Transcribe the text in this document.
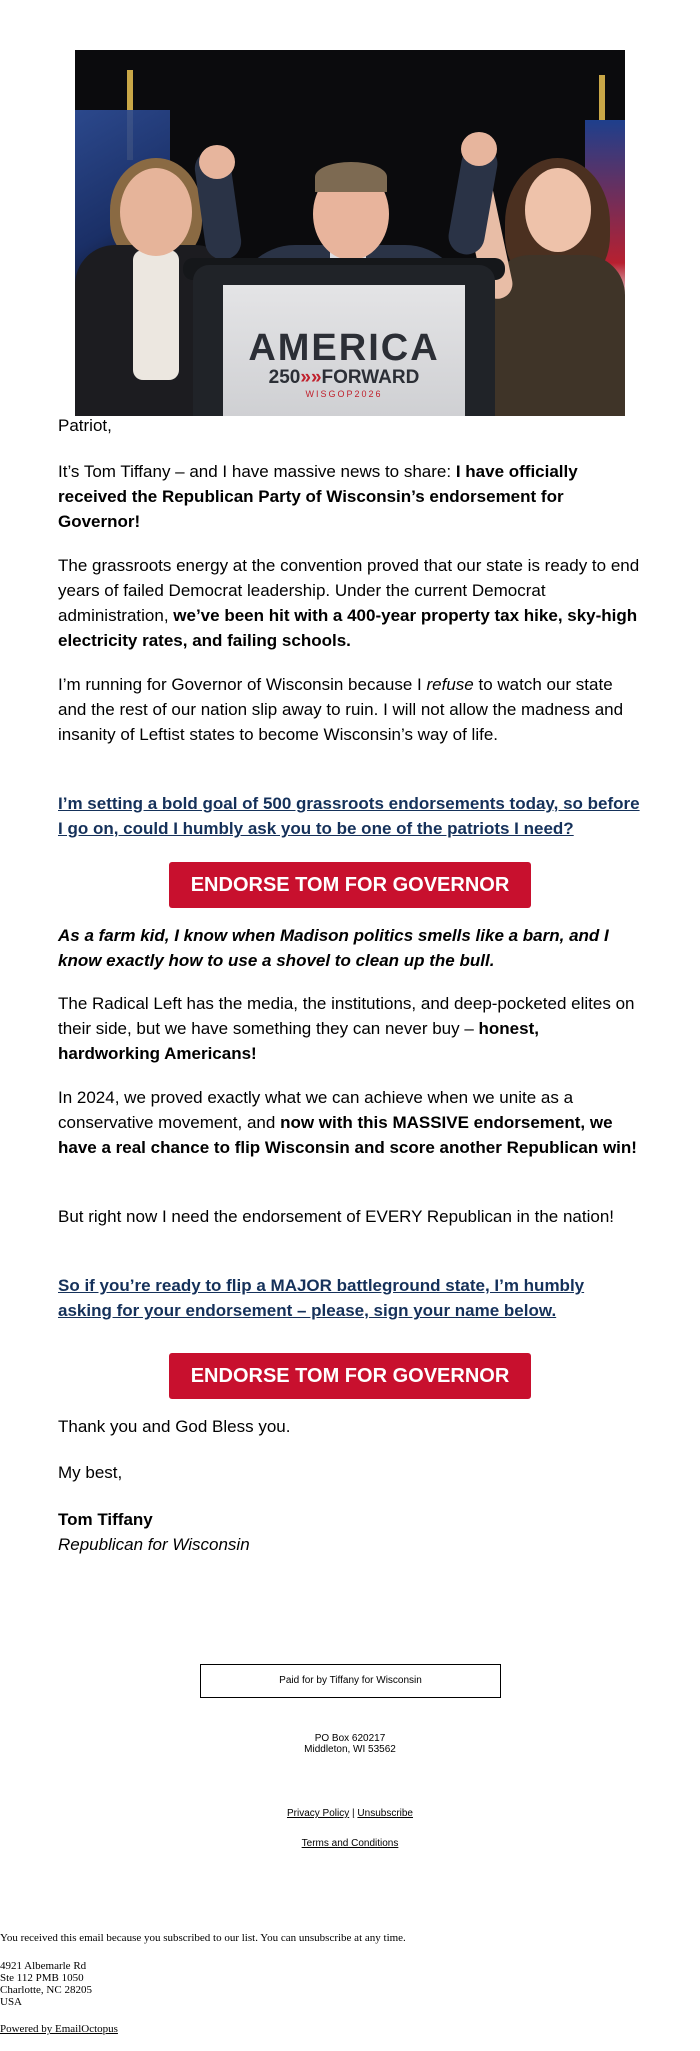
AMERICA
250»»FORWARD
WISGOP2026

Patriot,

It’s Tom Tiffany – and I have massive news to share: I have officially received the Republican Party of Wisconsin’s endorsement for Governor!

The grassroots energy at the convention proved that our state is ready to end years of failed Democrat leadership. Under the current Democrat administration, we’ve been hit with a 400-year property tax hike, sky-high electricity rates, and failing schools.

I’m running for Governor of Wisconsin because I refuse to watch our state and the rest of our nation slip away to ruin. I will not allow the madness and insanity of Leftist states to become Wisconsin’s way of life.

I’m setting a bold goal of 500 grassroots endorsements today, so before I go on, could I humbly ask you to be one of the patriots I need?

ENDORSE TOM FOR GOVERNOR

As a farm kid, I know when Madison politics smells like a barn, and I know exactly how to use a shovel to clean up the bull.

The Radical Left has the media, the institutions, and deep-pocketed elites on their side, but we have something they can never buy – honest, hardworking Americans!

In 2024, we proved exactly what we can achieve when we unite as a conservative movement, and now with this MASSIVE endorsement, we have a real chance to flip Wisconsin and score another Republican win!

But right now I need the endorsement of EVERY Republican in the nation!

So if you’re ready to flip a MAJOR battleground state, I’m humbly asking for your endorsement – please, sign your name below.

ENDORSE TOM FOR GOVERNOR

Thank you and God Bless you.

My best,

Tom Tiffany

Republican for Wisconsin

Paid for by Tiffany for Wisconsin
PO Box 620217
Middleton, WI 53562
Privacy Policy | Unsubscribe
Terms and Conditions
You received this email because you subscribed to our list. You can unsubscribe at any time.
4921 Albemarle Rd
Ste 112 PMB 1050
Charlotte, NC 28205
USA
Powered by EmailOctopus
